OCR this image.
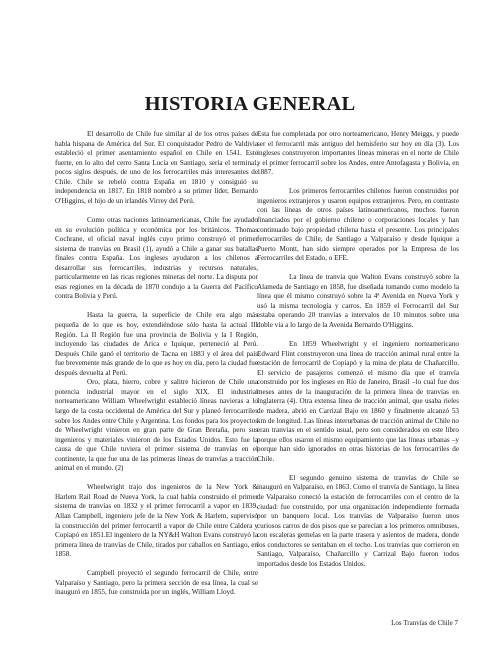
HISTORIA GENERAL

El desarrollo de Chile fue similar al de los otros países de habla hispana de América del Sur. El conquistador Pedro de Valdivia estableció el primer asentamiento español en Chile en 1541. Este fuerte, en lo alto del cerro Santa Lucía en Santiago, sería el terminal, pocos siglos después, de uno de los ferrocarriles más interesantes de Chile. Chile se rebeló contra España en 1810 y consiguió su independencia en 1817. En 1818 nombró a su primer líder, Bernardo O'Higgins, el hijo de un irlandés Virrey del Perú.

Como otras naciones latinoamericanas, Chile fue ayudado en su evolución política y económica por los británicos. Thomas Cochrane, el oficial naval inglés cuyo primo construyó el primer sistema de tranvías en Brasil (1), ayudó a Chile a ganar sus batallas finales contra España. Los ingleses ayudaron a los chilenos a desarrollar sus ferrocarriles, industrias y recursos naturales, particularmente en las ricas regiones mineras del norte. La disputa por esas regiones en la década de 1870 condujo a la Guerra del Pacífico contra Bolivia y Perú.

Hasta la guerra, la superficie de Chile era algo más pequeña de lo que es hoy, extendiéndose sólo hasta la actual III Región. La II Región fue una provincia de Bolivia y la I Región, incluyendo las ciudades de Arica e Iquique, perteneció al Perú. Después Chile ganó el territorio de Tacna en 1883 y el área del país fue brevemente más grande de lo que es hoy en día, pero la ciudad fue después devuelta al Perú.

Oro, plata, hierro, cobre y salitre hicieron de Chile una potencia industrial mayor en el siglo XIX. El industrial norteamericano William Wheelwright estableció líneas navieras a lo largo de la costa occidental de América del Sur y planeó ferrocarriles sobre los Andes entre Chile y Argentina. Los fondos para los proyectos de Wheelwright vinieron en gran parte de Gran Bretaña, pero sus ingenieros y materiales vinieron de los Estados Unidos. Esto fue la causa de que Chile tuviera el primer sistema de tranvías en el continente, la que fue una de las primeras líneas de tranvías a tracción animal en el mundo. (2)

Wheelwright trajo dos ingenieros de la New York & Harlem Rail Road de Nueva York, la cual había construido el primer sistema de tranvías en 1832 y el primer ferrocarril a vapor en 1839. Allan Campbell, ingeniero jefe de la New York & Harlem, supervisó la construcción del primer ferrocarril a vapor de Chile entre Caldera y Copiapó en 1851.El ingeniero de la NY&H Walton Evans construyó la primera línea de tranvías de Chile, tirados por caballos en Santiago, en 1858.

Campbell proyectó el segundo ferrocarril de Chile, entre Valparaíso y Santiago, pero la primera sección de esa línea, la cual se inauguró en 1855, fue construida por un inglés, William Lloyd.

Esta fue completada por otro norteamericano, Henry Meiggs, y puede ser el ferrocarril más antiguo del hemisferio sur hoy en día (3). Los ingleses construyeron importantes líneas mineras en el norte de Chile y el primer ferrocarril sobre los Andes, entre Antofagasta y Bolivia, en 1887.

Los primeros ferrocarriles chilenos fueron construidos por ingenieros extranjeros y usaron equipos extranjeros. Pero, en contraste con las líneas de otros países latinoamericanos, muchos fueron financiados por el gobierno chileno o corporaciones locales y han continuado bajo propiedad chilena hasta el presente. Los principales ferrocarriles de Chile, de Santiago a Valparaíso y desde Iquique a Puerto Montt, han sido siempre operados por la Empresa de los Ferrocarriles del Estado, o EFE.

La línea de tranvía que Walton Evans construyó sobre la Alameda de Santiago en 1858, fue diseñada tomando como modelo la línea que él mismo construyó sobre la 4ª Avenida en Nueva York y usó la misma tecnología y carros. En 1859 el Ferrocarril del Sur estaba operando 20 tranvías a intervalos de 10 minutos sobre una doble vía a lo largo de la Avenida Bernardo O'Higgins.

En 1859 Wheelwright y el ingeniero norteamericano Edward Flint construyeron una línea de tracción animal rural entre la estación de ferrocarril de Copiapó y la mina de plata de Chañarcillo. El servicio de pasajeros comenzó el mismo día que el tranvía construido por los ingleses en Río de Janeiro, Brasil –lo cual fue dos meses antes de la inauguración de la primera línea de tranvías en Inglaterra (4). Otra extensa línea de tracción animal, que usaba rieles de madera, abrió en Carrizal Bajo en 1860 y finalmente alcanzó 53 km de longitud. Las líneas interurbanas de tracción animal de Chile no eran tranvías en el sentido usual, pero son considerados en este libro porque ellos usaron el mismo equipamiento que las líneas urbanas –y porque han sido ignorados en otras historias de los ferrocarriles de Chile.

El segundo genuino sistema de tranvías de Chile se inauguró en Valparaíso, en 1863. Como el tranvía de Santiago, la línea de Valparaíso conectó la estación de ferrocarriles con el centro de la ciudad: fue construido, por una organización independiente formada por un banquero local. Los tranvías de Valparaíso fueron unos curiosos carros de dos pisos que se parecían a los primeros omnibuses, con escaleras gemelas en la parte trasera y asientos de madera, donde los conductores se sentaban en el techo. Los tranvías que corrieron en Santiago, Valparaíso, Chañarcillo y Carrizal Bajo fueron todos importados desde los Estados Unidos.

Los Tranvías de Chile 7
